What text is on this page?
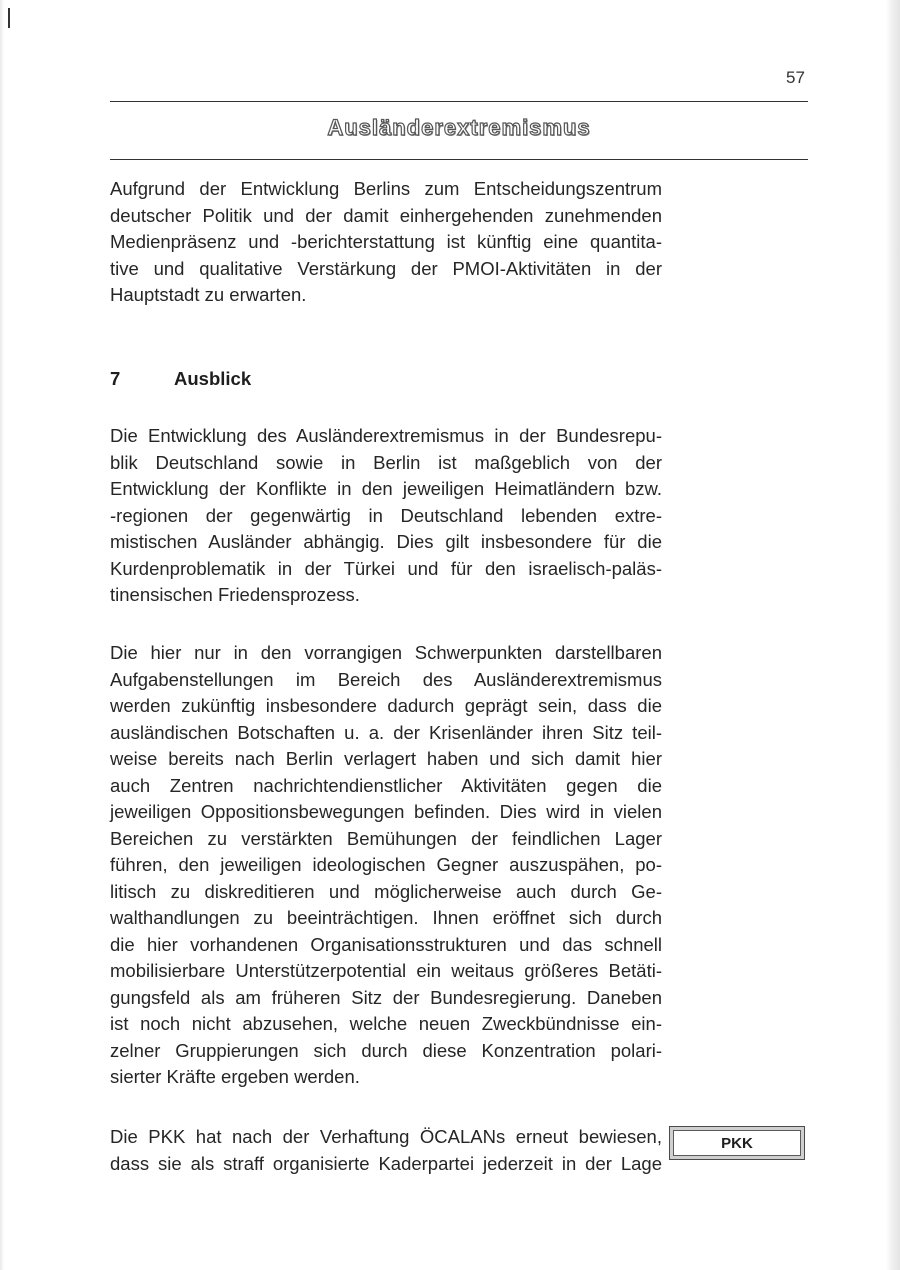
57
Ausländerextremismus
Aufgrund der Entwicklung Berlins zum Entscheidungszentrum
deutscher Politik und der damit einhergehenden zunehmenden
Medienpräsenz und -berichterstattung ist künftig eine quantita-
tive und qualitative Verstärkung der PMOI-Aktivitäten in der
Hauptstadt zu erwarten.
7	Ausblick
Die Entwicklung des Ausländerextremismus in der Bundesrepu-
blik Deutschland sowie in Berlin ist maßgeblich von der
Entwicklung der Konflikte in den jeweiligen Heimatländern bzw.
-regionen der gegenwärtig in Deutschland lebenden extre-
mistischen Ausländer abhängig. Dies gilt insbesondere für die
Kurdenproblematik in der Türkei und für den israelisch-paläs-
tinensischen Friedensprozess.
Die hier nur in den vorrangigen Schwerpunkten darstellbaren
Aufgabenstellungen im Bereich des Ausländerextremismus
werden zukünftig insbesondere dadurch geprägt sein, dass die
ausländischen Botschaften u. a. der Krisenländer ihren Sitz teil-
weise bereits nach Berlin verlagert haben und sich damit hier
auch Zentren nachrichtendienstlicher Aktivitäten gegen die
jeweiligen Oppositionsbewegungen befinden. Dies wird in vielen
Bereichen zu verstärkten Bemühungen der feindlichen Lager
führen, den jeweiligen ideologischen Gegner auszuspähen, po-
litisch zu diskreditieren und möglicherweise auch durch Ge-
walthandlungen zu beeinträchtigen. Ihnen eröffnet sich durch
die hier vorhandenen Organisationsstrukturen und das schnell
mobilisierbare Unterstützerpotential ein weitaus größeres Betäti-
gungsfeld als am früheren Sitz der Bundesregierung. Daneben
ist noch nicht abzusehen, welche neuen Zweckbündnisse ein-
zelner Gruppierungen sich durch diese Konzentration polari-
sierter Kräfte ergeben werden.
Die PKK hat nach der Verhaftung ÖCALANs erneut bewiesen,
dass sie als straff organisierte Kaderpartei jederzeit in der Lage
PKK
